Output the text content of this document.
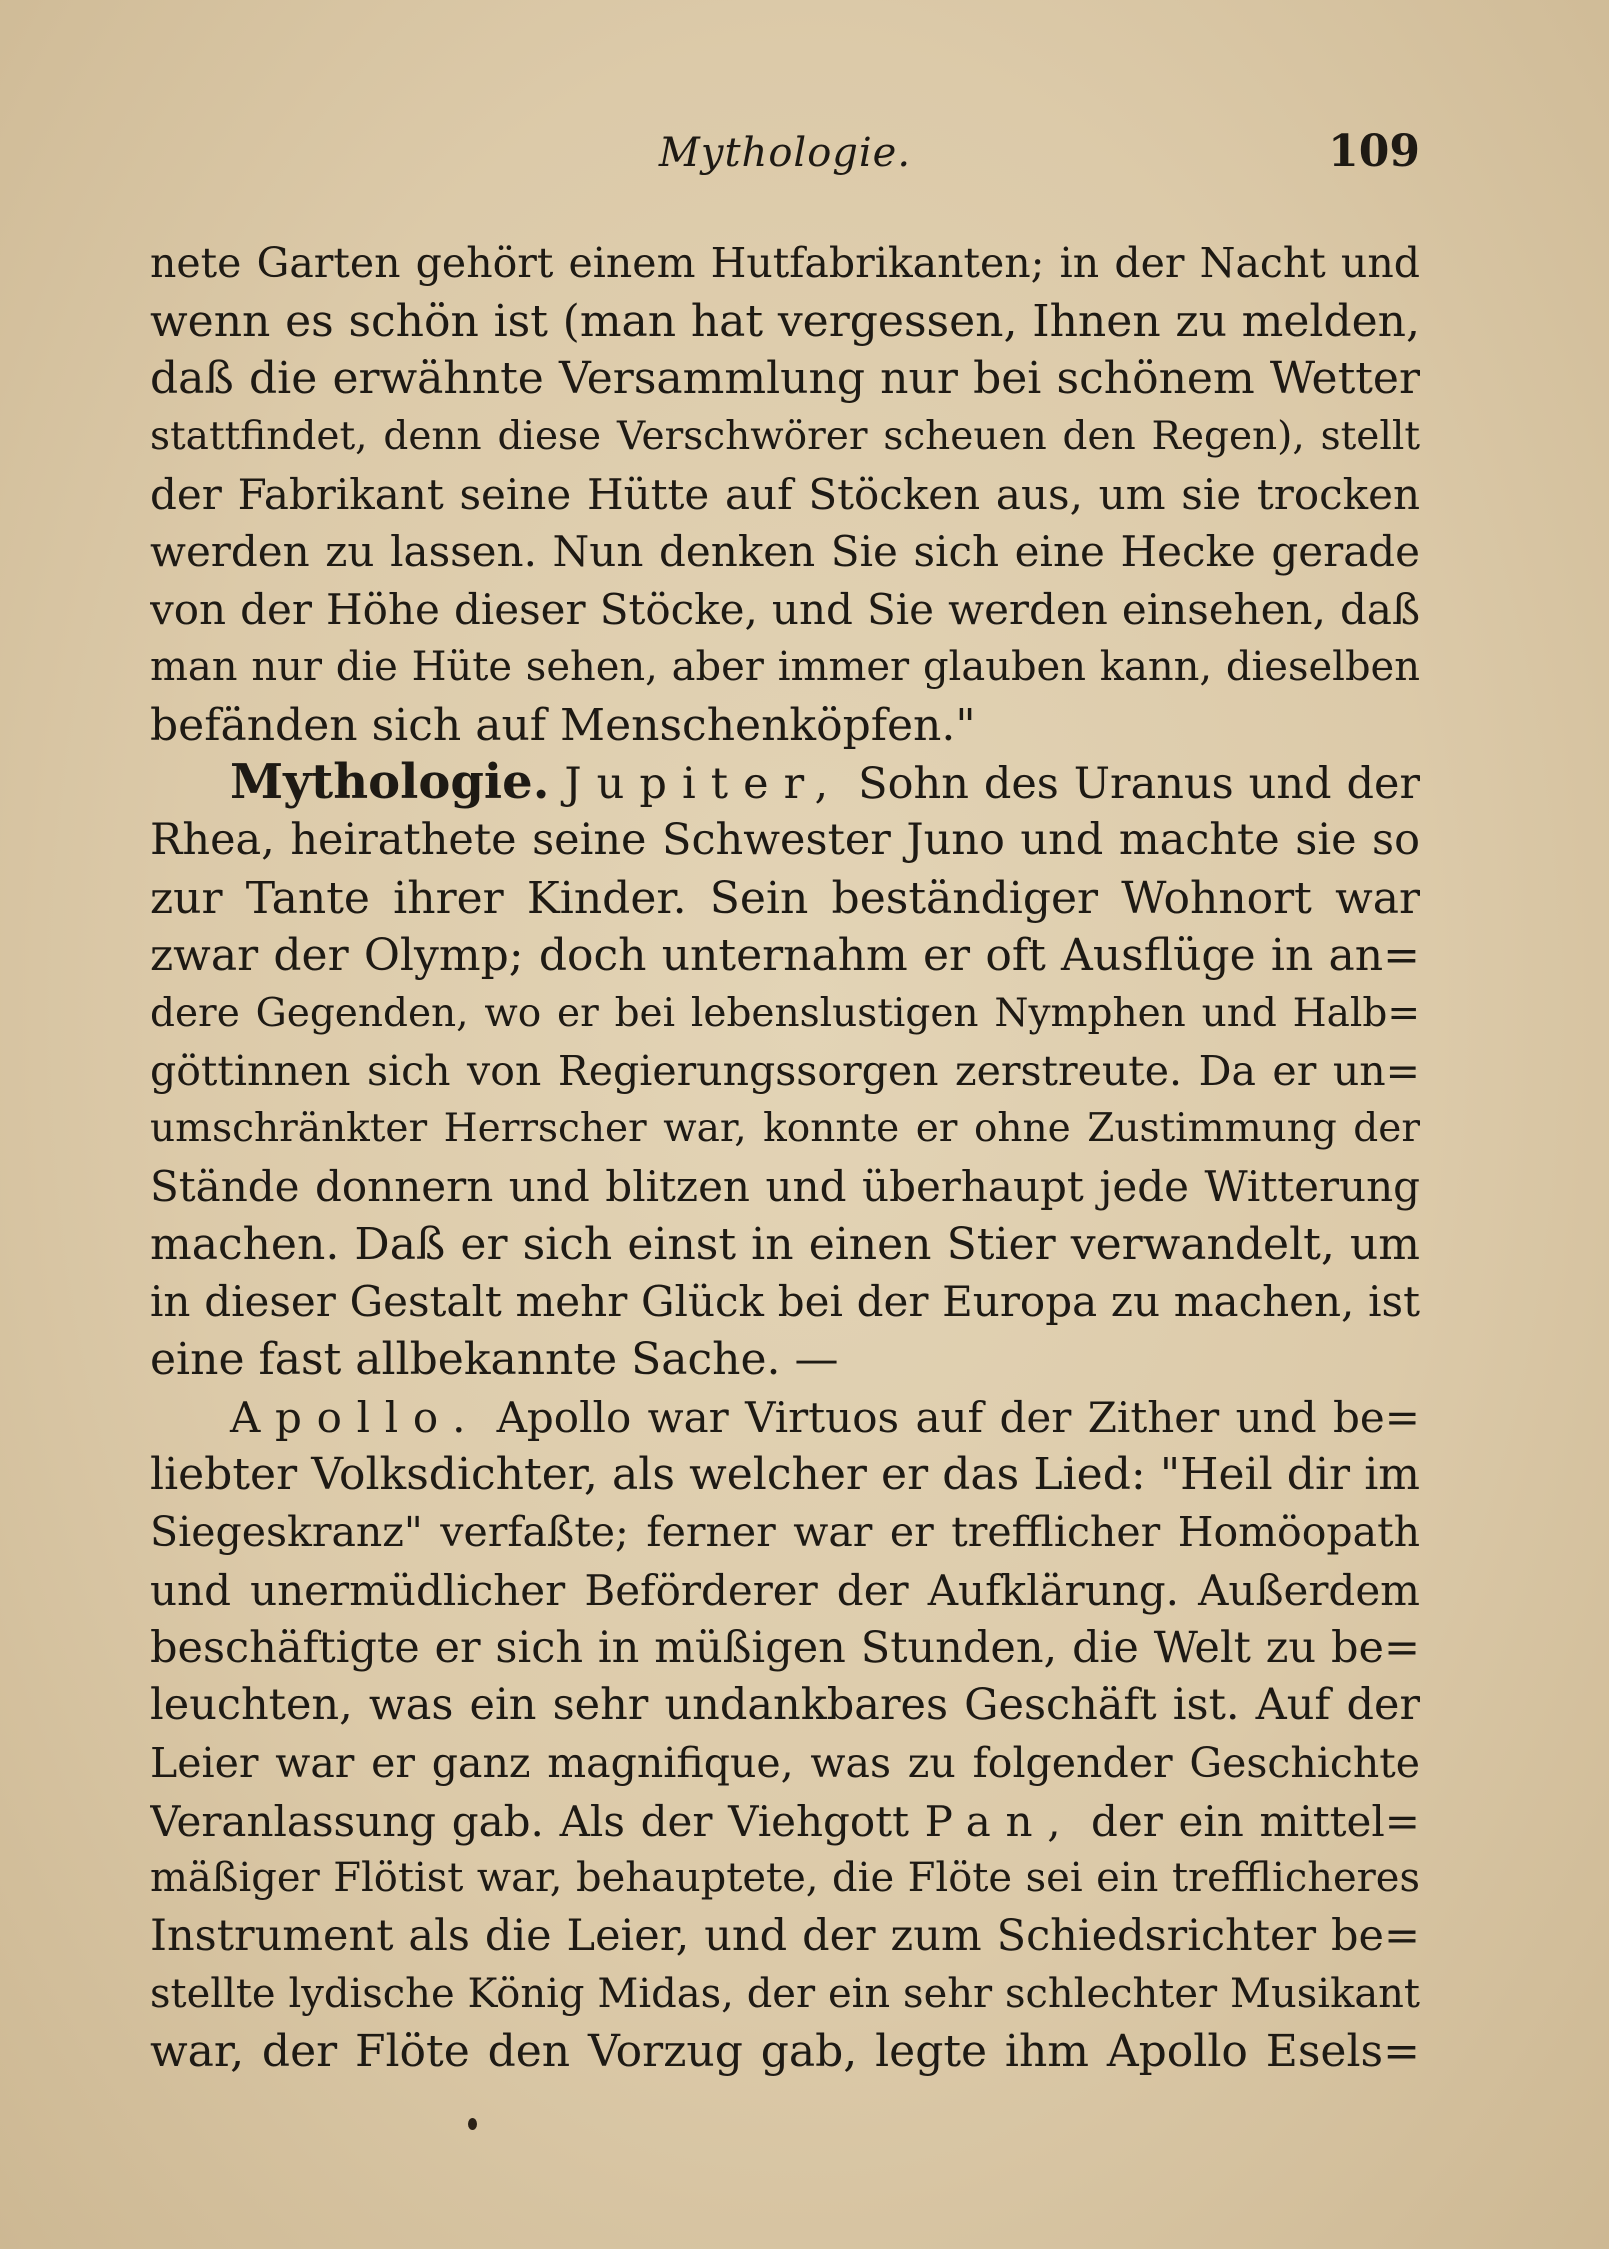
Mythologie.	109
nete Garten gehört einem Hutfabrikanten; in der Nacht und
wenn es schön ist (man hat vergessen, Ihnen zu melden,
daß die erwähnte Versammlung nur bei schönem Wetter
stattfindet, denn diese Verschwörer scheuen den Regen), stellt
der Fabrikant seine Hütte auf Stöcken aus, um sie trocken
werden zu lassen. Nun denken Sie sich eine Hecke gerade
von der Höhe dieser Stöcke, und Sie werden einsehen, daß
man nur die Hüte sehen, aber immer glauben kann, dieselben
befänden sich auf Menschenköpfen."
Mythologie. Jupiter, Sohn des Uranus und der
Rhea, heirathete seine Schwester Juno und machte sie so
zur Tante ihrer Kinder. Sein beständiger Wohnort war
zwar der Olymp; doch unternahm er oft Ausflüge in an=
dere Gegenden, wo er bei lebenslustigen Nymphen und Halb=
göttinnen sich von Regierungssorgen zerstreute. Da er un=
umschränkter Herrscher war, konnte er ohne Zustimmung der
Stände donnern und blitzen und überhaupt jede Witterung
machen. Daß er sich einst in einen Stier verwandelt, um
in dieser Gestalt mehr Glück bei der Europa zu machen, ist
eine fast allbekannte Sache. —
Apollo. Apollo war Virtuos auf der Zither und be=
liebter Volksdichter, als welcher er das Lied: "Heil dir im
Siegeskranz" verfaßte; ferner war er trefflicher Homöopath
und unermüdlicher Beförderer der Aufklärung. Außerdem
beschäftigte er sich in müßigen Stunden, die Welt zu be=
leuchten, was ein sehr undankbares Geschäft ist. Auf der
Leier war er ganz magnifique, was zu folgender Geschichte
Veranlassung gab. Als der Viehgott Pan, der ein mittel=
mäßiger Flötist war, behauptete, die Flöte sei ein trefflicheres
Instrument als die Leier, und der zum Schiedsrichter be=
stellte lydische König Midas, der ein sehr schlechter Musikant
war, der Flöte den Vorzug gab, legte ihm Apollo Esels=
